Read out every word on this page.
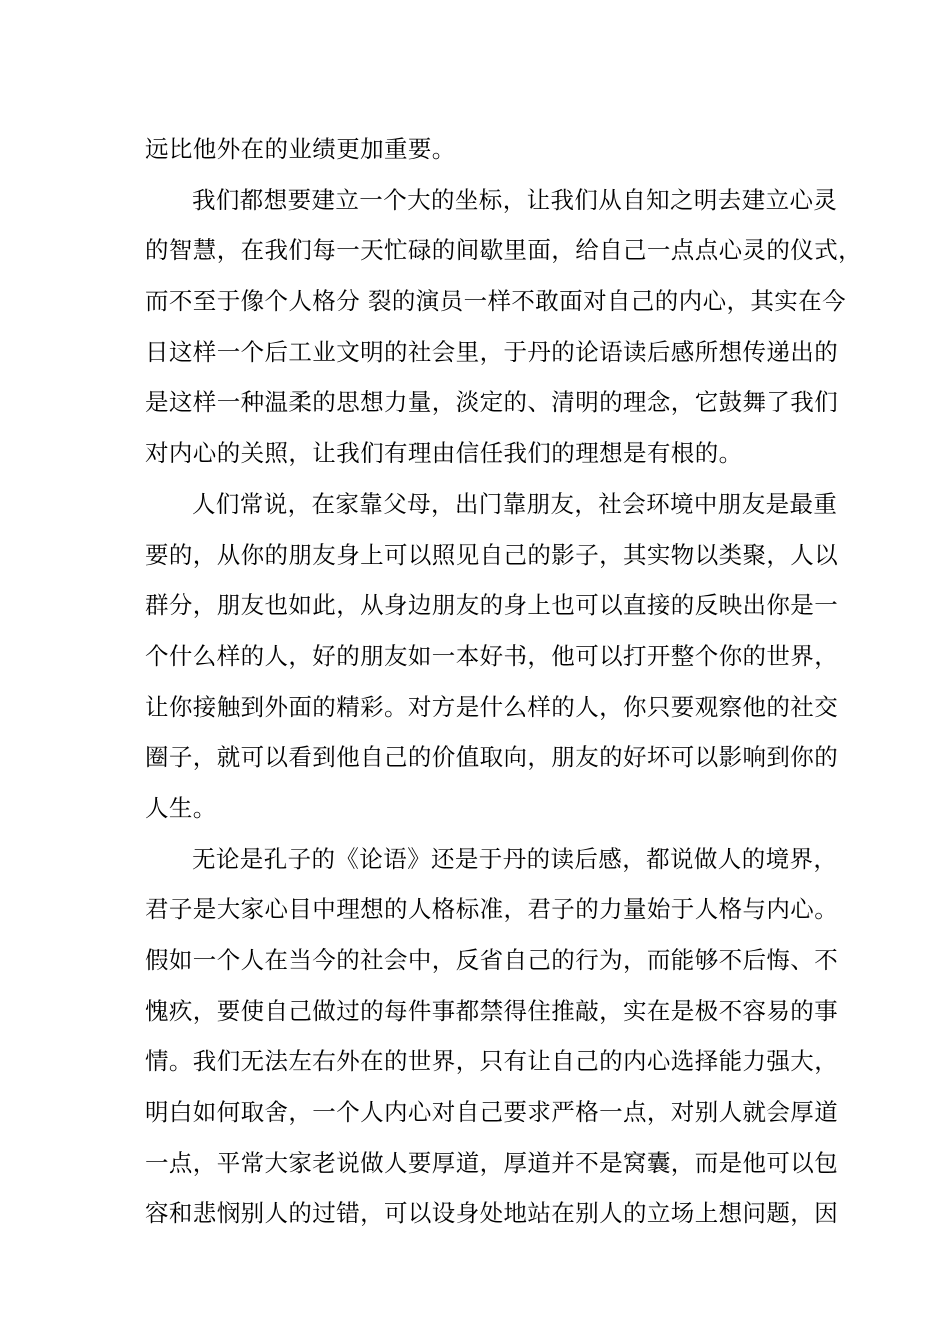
远比他外在的业绩更加重要。
我们都想要建立一个大的坐标，让我们从自知之明去建立心灵
的智慧，在我们每一天忙碌的间歇里面，给自己一点点心灵的仪式，
而不至于像个人格分 裂的演员一样不敢面对自己的内心，其实在今
日这样一个后工业文明的社会里，于丹的论语读后感所想传递出的
是这样一种温柔的思想力量，淡定的、清明的理念，它鼓舞了我们
对内心的关照，让我们有理由信任我们的理想是有根的。
人们常说，在家靠父母，出门靠朋友，社会环境中朋友是最重
要的，从你的朋友身上可以照见自己的影子，其实物以类聚，人以
群分，朋友也如此，从身边朋友的身上也可以直接的反映出你是一
个什么样的人，好的朋友如一本好书，他可以打开整个你的世界，
让你接触到外面的精彩。对方是什么样的人，你只要观察他的社交
圈子，就可以看到他自己的价值取向，朋友的好坏可以影响到你的
人生。
无论是孔子的《论语》还是于丹的读后感，都说做人的境界，
君子是大家心目中理想的人格标准，君子的力量始于人格与内心。
假如一个人在当今的社会中，反省自己的行为，而能够不后悔、不
愧疚，要使自己做过的每件事都禁得住推敲，实在是极不容易的事
情。我们无法左右外在的世界，只有让自己的内心选择能力强大，
明白如何取舍，一个人内心对自己要求严格一点，对别人就会厚道
一点，平常大家老说做人要厚道，厚道并不是窝囊，而是他可以包
容和悲悯别人的过错，可以设身处地站在别人的立场上想问题，因
